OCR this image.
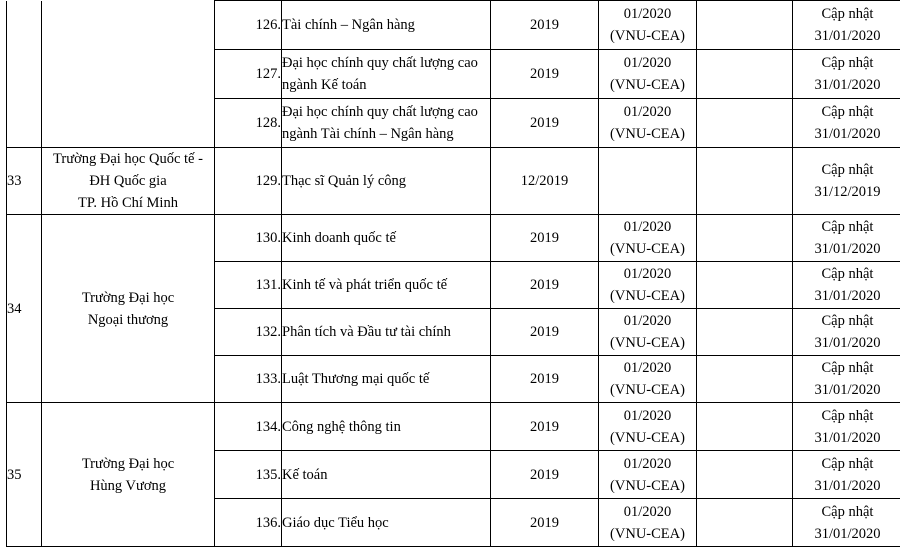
		126.	Tài chính – Ngân hàng	2019	01/2020
(VNU-CEA)		Cập nhật
31/01/2020

		127.	Đại học chính quy chất lượng cao
ngành Kế toán	2019	01/2020
(VNU-CEA)		Cập nhật
31/01/2020

		128.	Đại học chính quy chất lượng cao
ngành Tài chính – Ngân hàng	2019	01/2020
(VNU-CEA)		Cập nhật
31/01/2020

33	Trường Đại học Quốc tế -
ĐH Quốc gia
TP. Hồ Chí Minh	129.	Thạc sĩ Quản lý công	12/2019			Cập nhật
31/12/2019

34	Trường Đại học
Ngoại thương	130.	Kinh doanh quốc tế	2019	01/2020
(VNU-CEA)		Cập nhật
31/01/2020

		131.	Kinh tế và phát triển quốc tế	2019	01/2020
(VNU-CEA)		Cập nhật
31/01/2020

		132.	Phân tích và Đầu tư tài chính	2019	01/2020
(VNU-CEA)		Cập nhật
31/01/2020

		133.	Luật Thương mại quốc tế	2019	01/2020
(VNU-CEA)		Cập nhật
31/01/2020

35	Trường Đại học
Hùng Vương	134.	Công nghệ thông tin	2019	01/2020
(VNU-CEA)		Cập nhật
31/01/2020

		135.	Kế toán	2019	01/2020
(VNU-CEA)		Cập nhật
31/01/2020

		136.	Giáo dục Tiểu học	2019	01/2020
(VNU-CEA)		Cập nhật
31/01/2020
